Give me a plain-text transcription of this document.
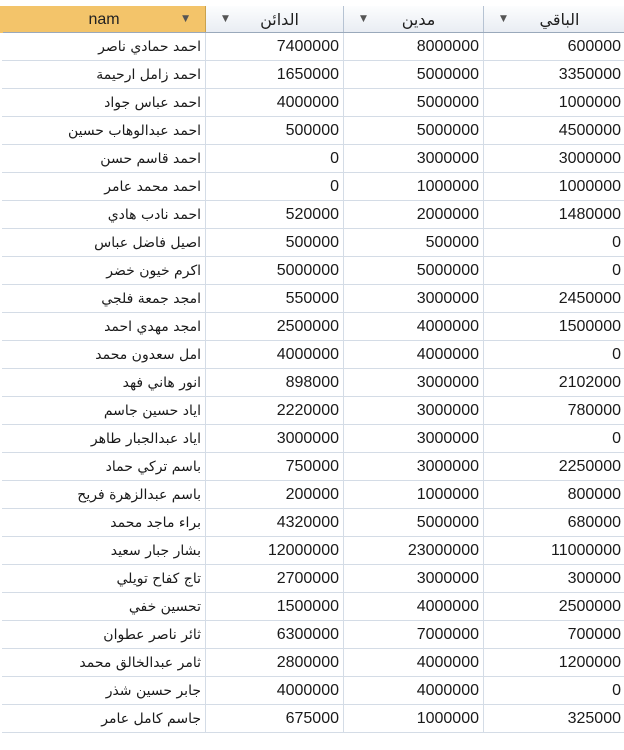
nam ▼	▼ الدائن	▼ مدين	▼ الباقي
احمد حمادي ناصر	7400000	8000000	600000
احمد زامل ارحيمة	1650000	5000000	3350000
احمد عباس جواد	4000000	5000000	1000000
احمد عبدالوهاب حسين	500000	5000000	4500000
احمد قاسم حسن	0	3000000	3000000
احمد محمد عامر	0	1000000	1000000
احمد نادب هادي	520000	2000000	1480000
اصيل فاضل عباس	500000	500000	0
اكرم خيون خضر	5000000	5000000	0
امجد جمعة فلجي	550000	3000000	2450000
امجد مهدي احمد	2500000	4000000	1500000
امل سعدون محمد	4000000	4000000	0
انور هاني فهد	898000	3000000	2102000
اياد حسين جاسم	2220000	3000000	780000
اياد عبدالجبار طاهر	3000000	3000000	0
باسم تركي حماد	750000	3000000	2250000
باسم عبدالزهرة فريح	200000	1000000	800000
براء ماجد محمد	4320000	5000000	680000
بشار جبار سعيد	12000000	23000000	11000000
تاج كفاح تويلي	2700000	3000000	300000
تحسين خفي	1500000	4000000	2500000
ثائر ناصر عطوان	6300000	7000000	700000
ثامر عبدالخالق محمد	2800000	4000000	1200000
جابر حسين شذر	4000000	4000000	0
جاسم كامل عامر	675000	1000000	325000
